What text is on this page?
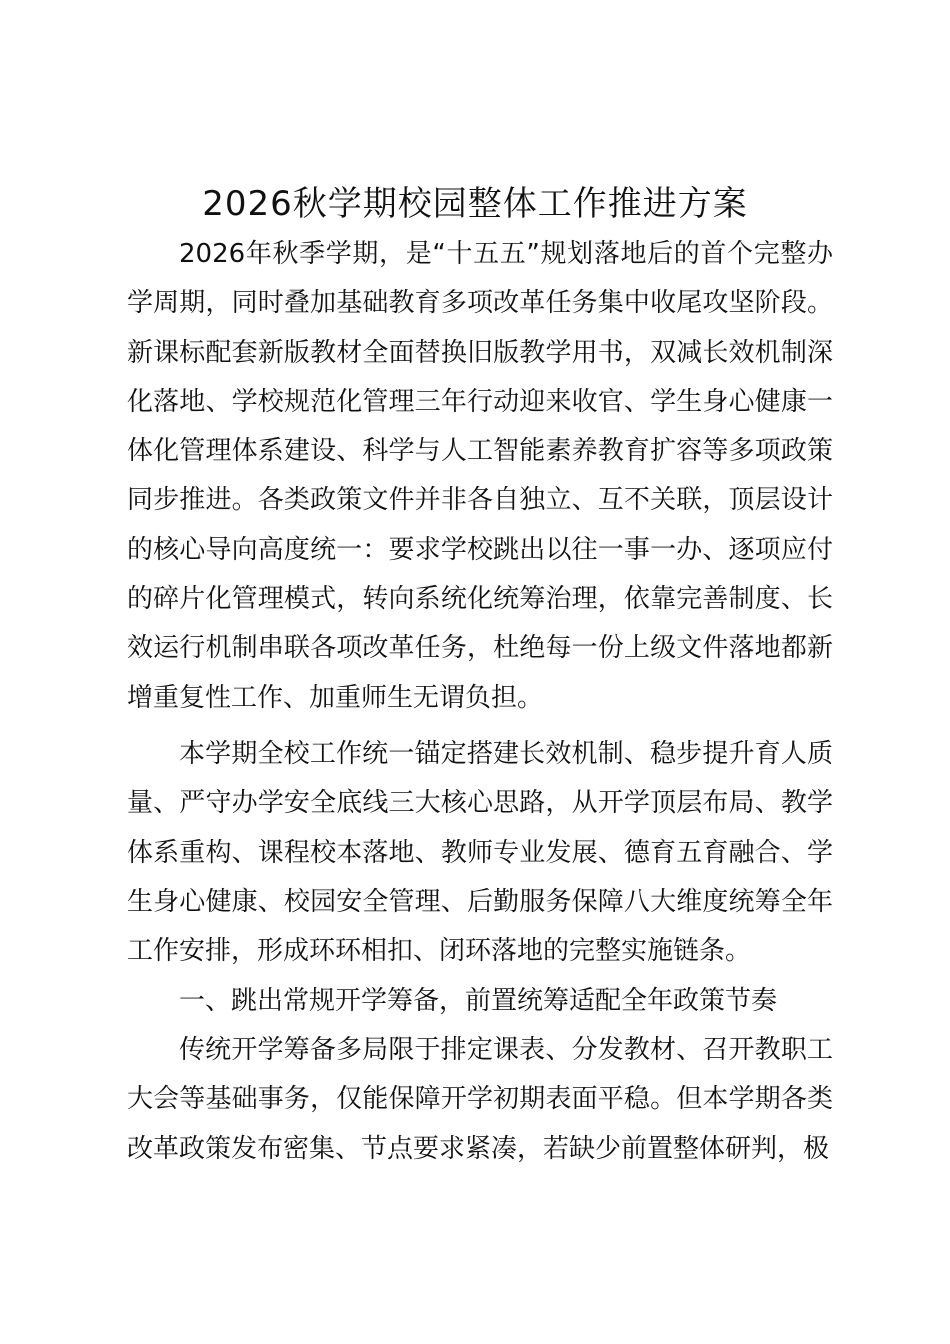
2026秋学期校园整体工作推进方案

2026年秋季学期，是“十五五”规划落地后的首个完整办学周期，同时叠加基础教育多项改革任务集中收尾攻坚阶段。新课标配套新版教材全面替换旧版教学用书，双减长效机制深化落地、学校规范化管理三年行动迎来收官、学生身心健康一体化管理体系建设、科学与人工智能素养教育扩容等多项政策同步推进。各类政策文件并非各自独立、互不关联，顶层设计的核心导向高度统一：要求学校跳出以往一事一办、逐项应付的碎片化管理模式，转向系统化统筹治理，依靠完善制度、长效运行机制串联各项改革任务，杜绝每一份上级文件落地都新增重复性工作、加重师生无谓负担。

本学期全校工作统一锚定搭建长效机制、稳步提升育人质量、严守办学安全底线三大核心思路，从开学顶层布局、教学体系重构、课程校本落地、教师专业发展、德育五育融合、学生身心健康、校园安全管理、后勤服务保障八大维度统筹全年工作安排，形成环环相扣、闭环落地的完整实施链条。

一、跳出常规开学筹备，前置统筹适配全年政策节奏

传统开学筹备多局限于排定课表、分发教材、召开教职工大会等基础事务，仅能保障开学初期表面平稳。但本学期各类改革政策发布密集、节点要求紧凑，若缺少前置整体研判，极
